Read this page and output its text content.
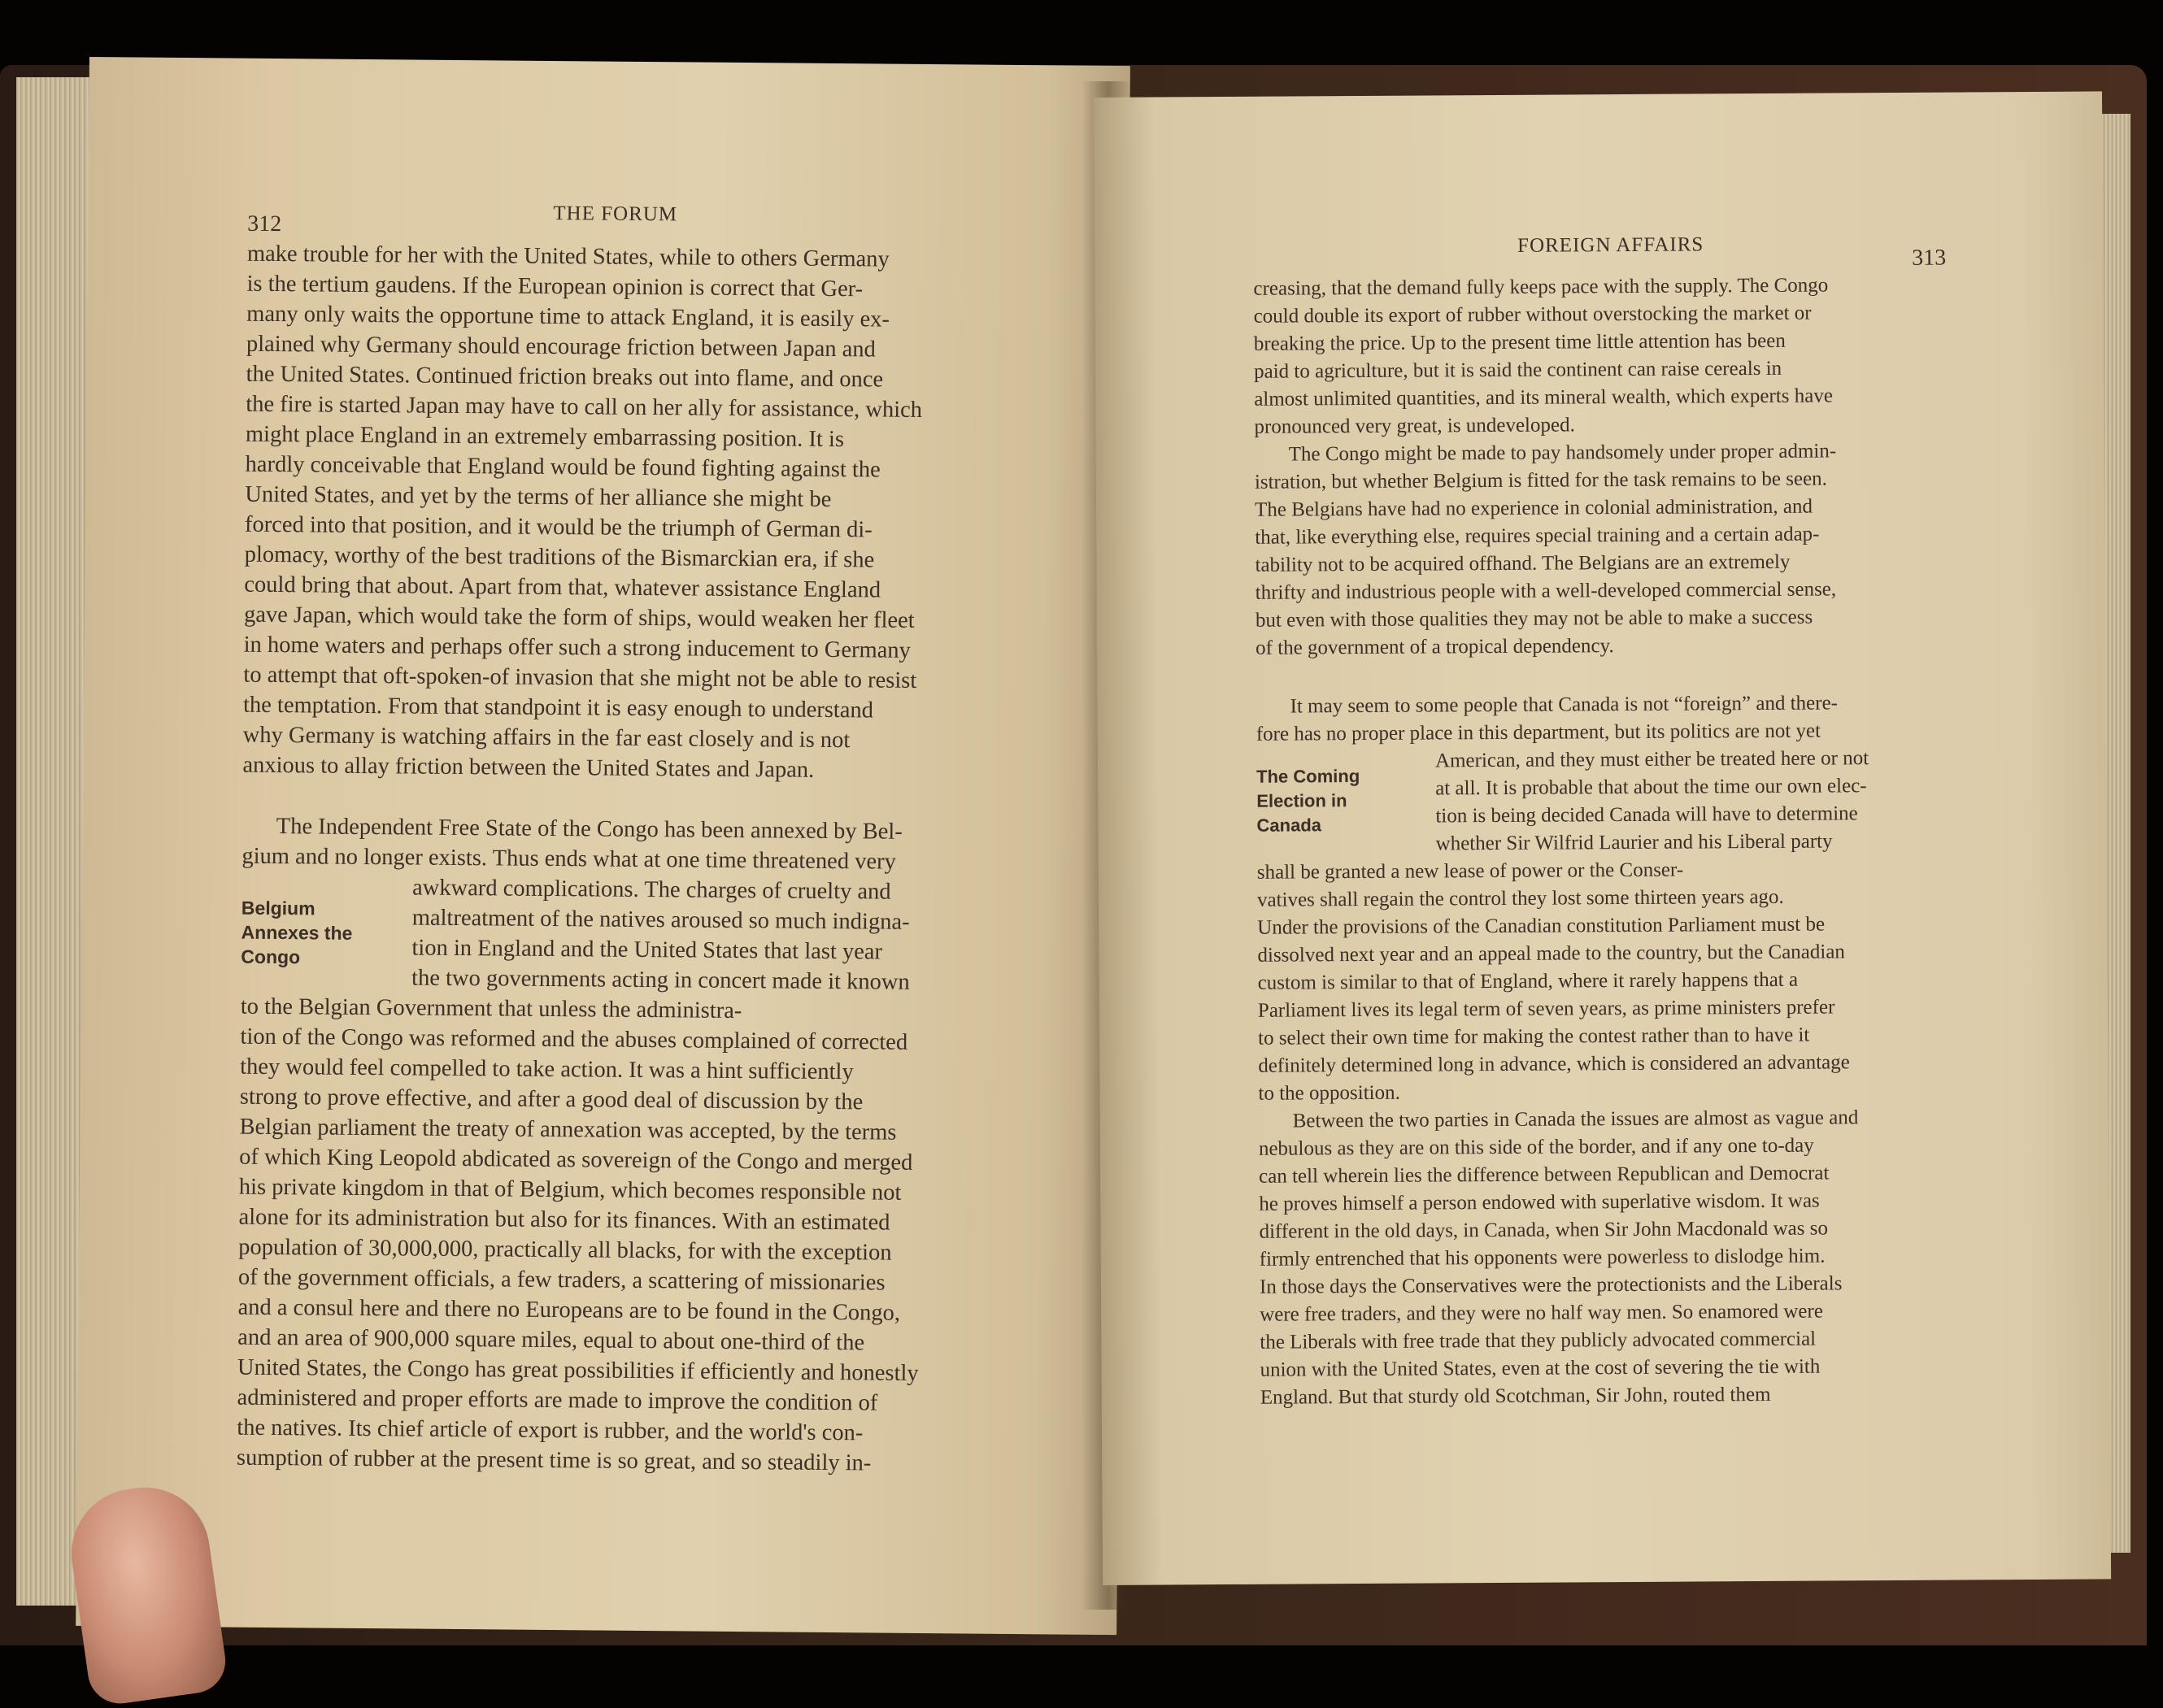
312	THE FORUM

make trouble for her with the United States, while to others Germany

is the tertium gaudens. If the European opinion is correct that Ger-

many only waits the opportune time to attack England, it is easily ex-

plained why Germany should encourage friction between Japan and

the United States. Continued friction breaks out into flame, and once

the fire is started Japan may have to call on her ally for assistance, which

might place England in an extremely embarrassing position. It is

hardly conceivable that England would be found fighting against the

United States, and yet by the terms of her alliance she might be

forced into that position, and it would be the triumph of German di-

plomacy, worthy of the best traditions of the Bismarckian era, if she

could bring that about. Apart from that, whatever assistance England

gave Japan, which would take the form of ships, would weaken her fleet

in home waters and perhaps offer such a strong inducement to Germany

to attempt that oft-spoken-of invasion that she might not be able to resist

the temptation. From that standpoint it is easy enough to understand

why Germany is watching affairs in the far east closely and is not

anxious to allay friction between the United States and Japan.

The Independent Free State of the Congo has been annexed by Bel-

gium and no longer exists. Thus ends what at one time threatened very

Belgium
Annexes the
Congo

awkward complications. The charges of cruelty and

maltreatment of the natives aroused so much indigna-

tion in England and the United States that last year

the two governments acting in concert made it known

to the Belgian Government that unless the administra-

tion of the Congo was reformed and the abuses complained of corrected

they would feel compelled to take action. It was a hint sufficiently

strong to prove effective, and after a good deal of discussion by the

Belgian parliament the treaty of annexation was accepted, by the terms

of which King Leopold abdicated as sovereign of the Congo and merged

his private kingdom in that of Belgium, which becomes responsible not

alone for its administration but also for its finances. With an estimated

population of 30,000,000, practically all blacks, for with the exception

of the government officials, a few traders, a scattering of missionaries

and a consul here and there no Europeans are to be found in the Congo,

and an area of 900,000 square miles, equal to about one-third of the

United States, the Congo has great possibilities if efficiently and honestly

administered and proper efforts are made to improve the condition of

the natives. Its chief article of export is rubber, and the world's con-

sumption of rubber at the present time is so great, and so steadily in-

FOREIGN AFFAIRS	313

creasing, that the demand fully keeps pace with the supply. The Congo

could double its export of rubber without overstocking the market or

breaking the price. Up to the present time little attention has been

paid to agriculture, but it is said the continent can raise cereals in

almost unlimited quantities, and its mineral wealth, which experts have

pronounced very great, is undeveloped.

The Congo might be made to pay handsomely under proper admin-

istration, but whether Belgium is fitted for the task remains to be seen.

The Belgians have had no experience in colonial administration, and

that, like everything else, requires special training and a certain adap-

tability not to be acquired offhand. The Belgians are an extremely

thrifty and industrious people with a well-developed commercial sense,

but even with those qualities they may not be able to make a success

of the government of a tropical dependency.

It may seem to some people that Canada is not “foreign” and there-

fore has no proper place in this department, but its politics are not yet

The Coming
Election in
Canada

American, and they must either be treated here or not

at all. It is probable that about the time our own elec-

tion is being decided Canada will have to determine

whether Sir Wilfrid Laurier and his Liberal party

shall be granted a new lease of power or the Conser-

vatives shall regain the control they lost some thirteen years ago.

Under the provisions of the Canadian constitution Parliament must be

dissolved next year and an appeal made to the country, but the Canadian

custom is similar to that of England, where it rarely happens that a

Parliament lives its legal term of seven years, as prime ministers prefer

to select their own time for making the contest rather than to have it

definitely determined long in advance, which is considered an advantage

to the opposition.

Between the two parties in Canada the issues are almost as vague and

nebulous as they are on this side of the border, and if any one to-day

can tell wherein lies the difference between Republican and Democrat

he proves himself a person endowed with superlative wisdom. It was

different in the old days, in Canada, when Sir John Macdonald was so

firmly entrenched that his opponents were powerless to dislodge him.

In those days the Conservatives were the protectionists and the Liberals

were free traders, and they were no half way men. So enamored were

the Liberals with free trade that they publicly advocated commercial

union with the United States, even at the cost of severing the tie with

England. But that sturdy old Scotchman, Sir John, routed them
